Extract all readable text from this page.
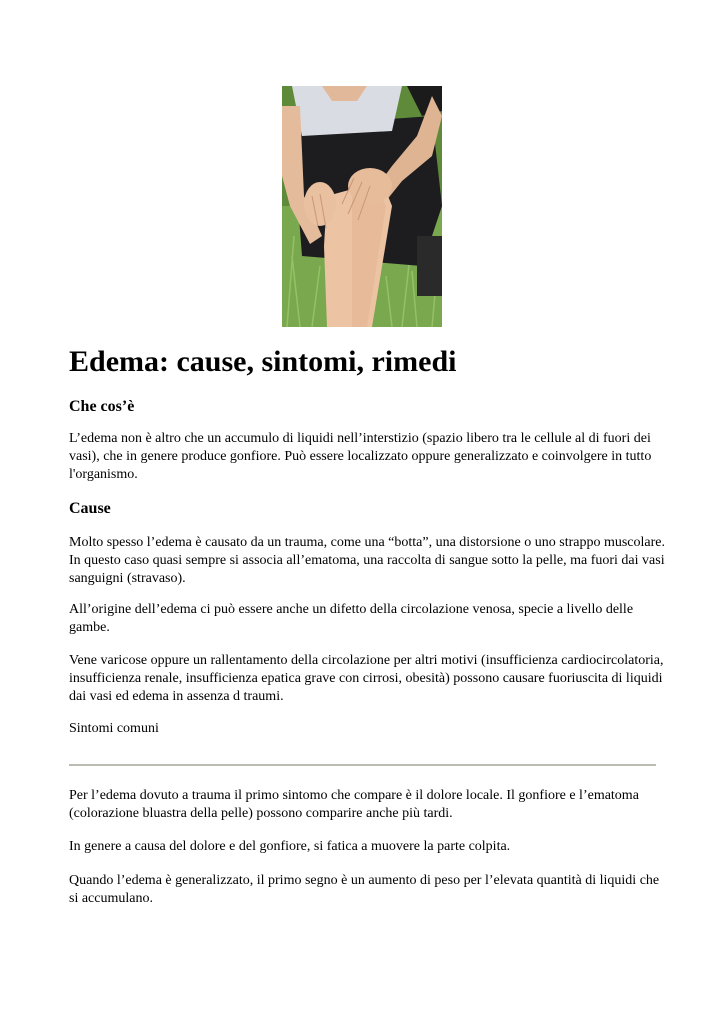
Edema: cause, sintomi, rimedi
Che cos’è

L’edema non è altro che un accumulo di liquidi nell’interstizio (spazio libero tra le cellule al di fuori dei vasi), che in genere produce gonfiore. Può essere localizzato oppure generalizzato e coinvolgere in tutto l'organismo.

Cause

Molto spesso l’edema è causato da un trauma, come una “botta”, una distorsione o uno strappo muscolare. In questo caso quasi sempre si associa all’ematoma, una raccolta di sangue sotto la pelle, ma fuori dai vasi sanguigni (stravaso).

All’origine dell’edema ci può essere anche un difetto della circolazione venosa, specie a livello delle gambe.

Vene varicose oppure un rallentamento della circolazione per altri motivi (insufficienza cardiocircolatoria, insufficienza renale, insufficienza epatica grave con cirrosi, obesità) possono causare fuoriuscita di liquidi dai vasi ed edema in assenza d traumi.

Sintomi comuni

Per l’edema dovuto a trauma il primo sintomo che compare è il dolore locale. Il gonfiore e l’ematoma (colorazione bluastra della pelle) possono comparire anche più tardi.

In genere a causa del dolore e del gonfiore, si fatica a muovere la parte colpita.

Quando l’edema è generalizzato, il primo segno è un aumento di peso per l’elevata quantità di liquidi che si accumulano.
